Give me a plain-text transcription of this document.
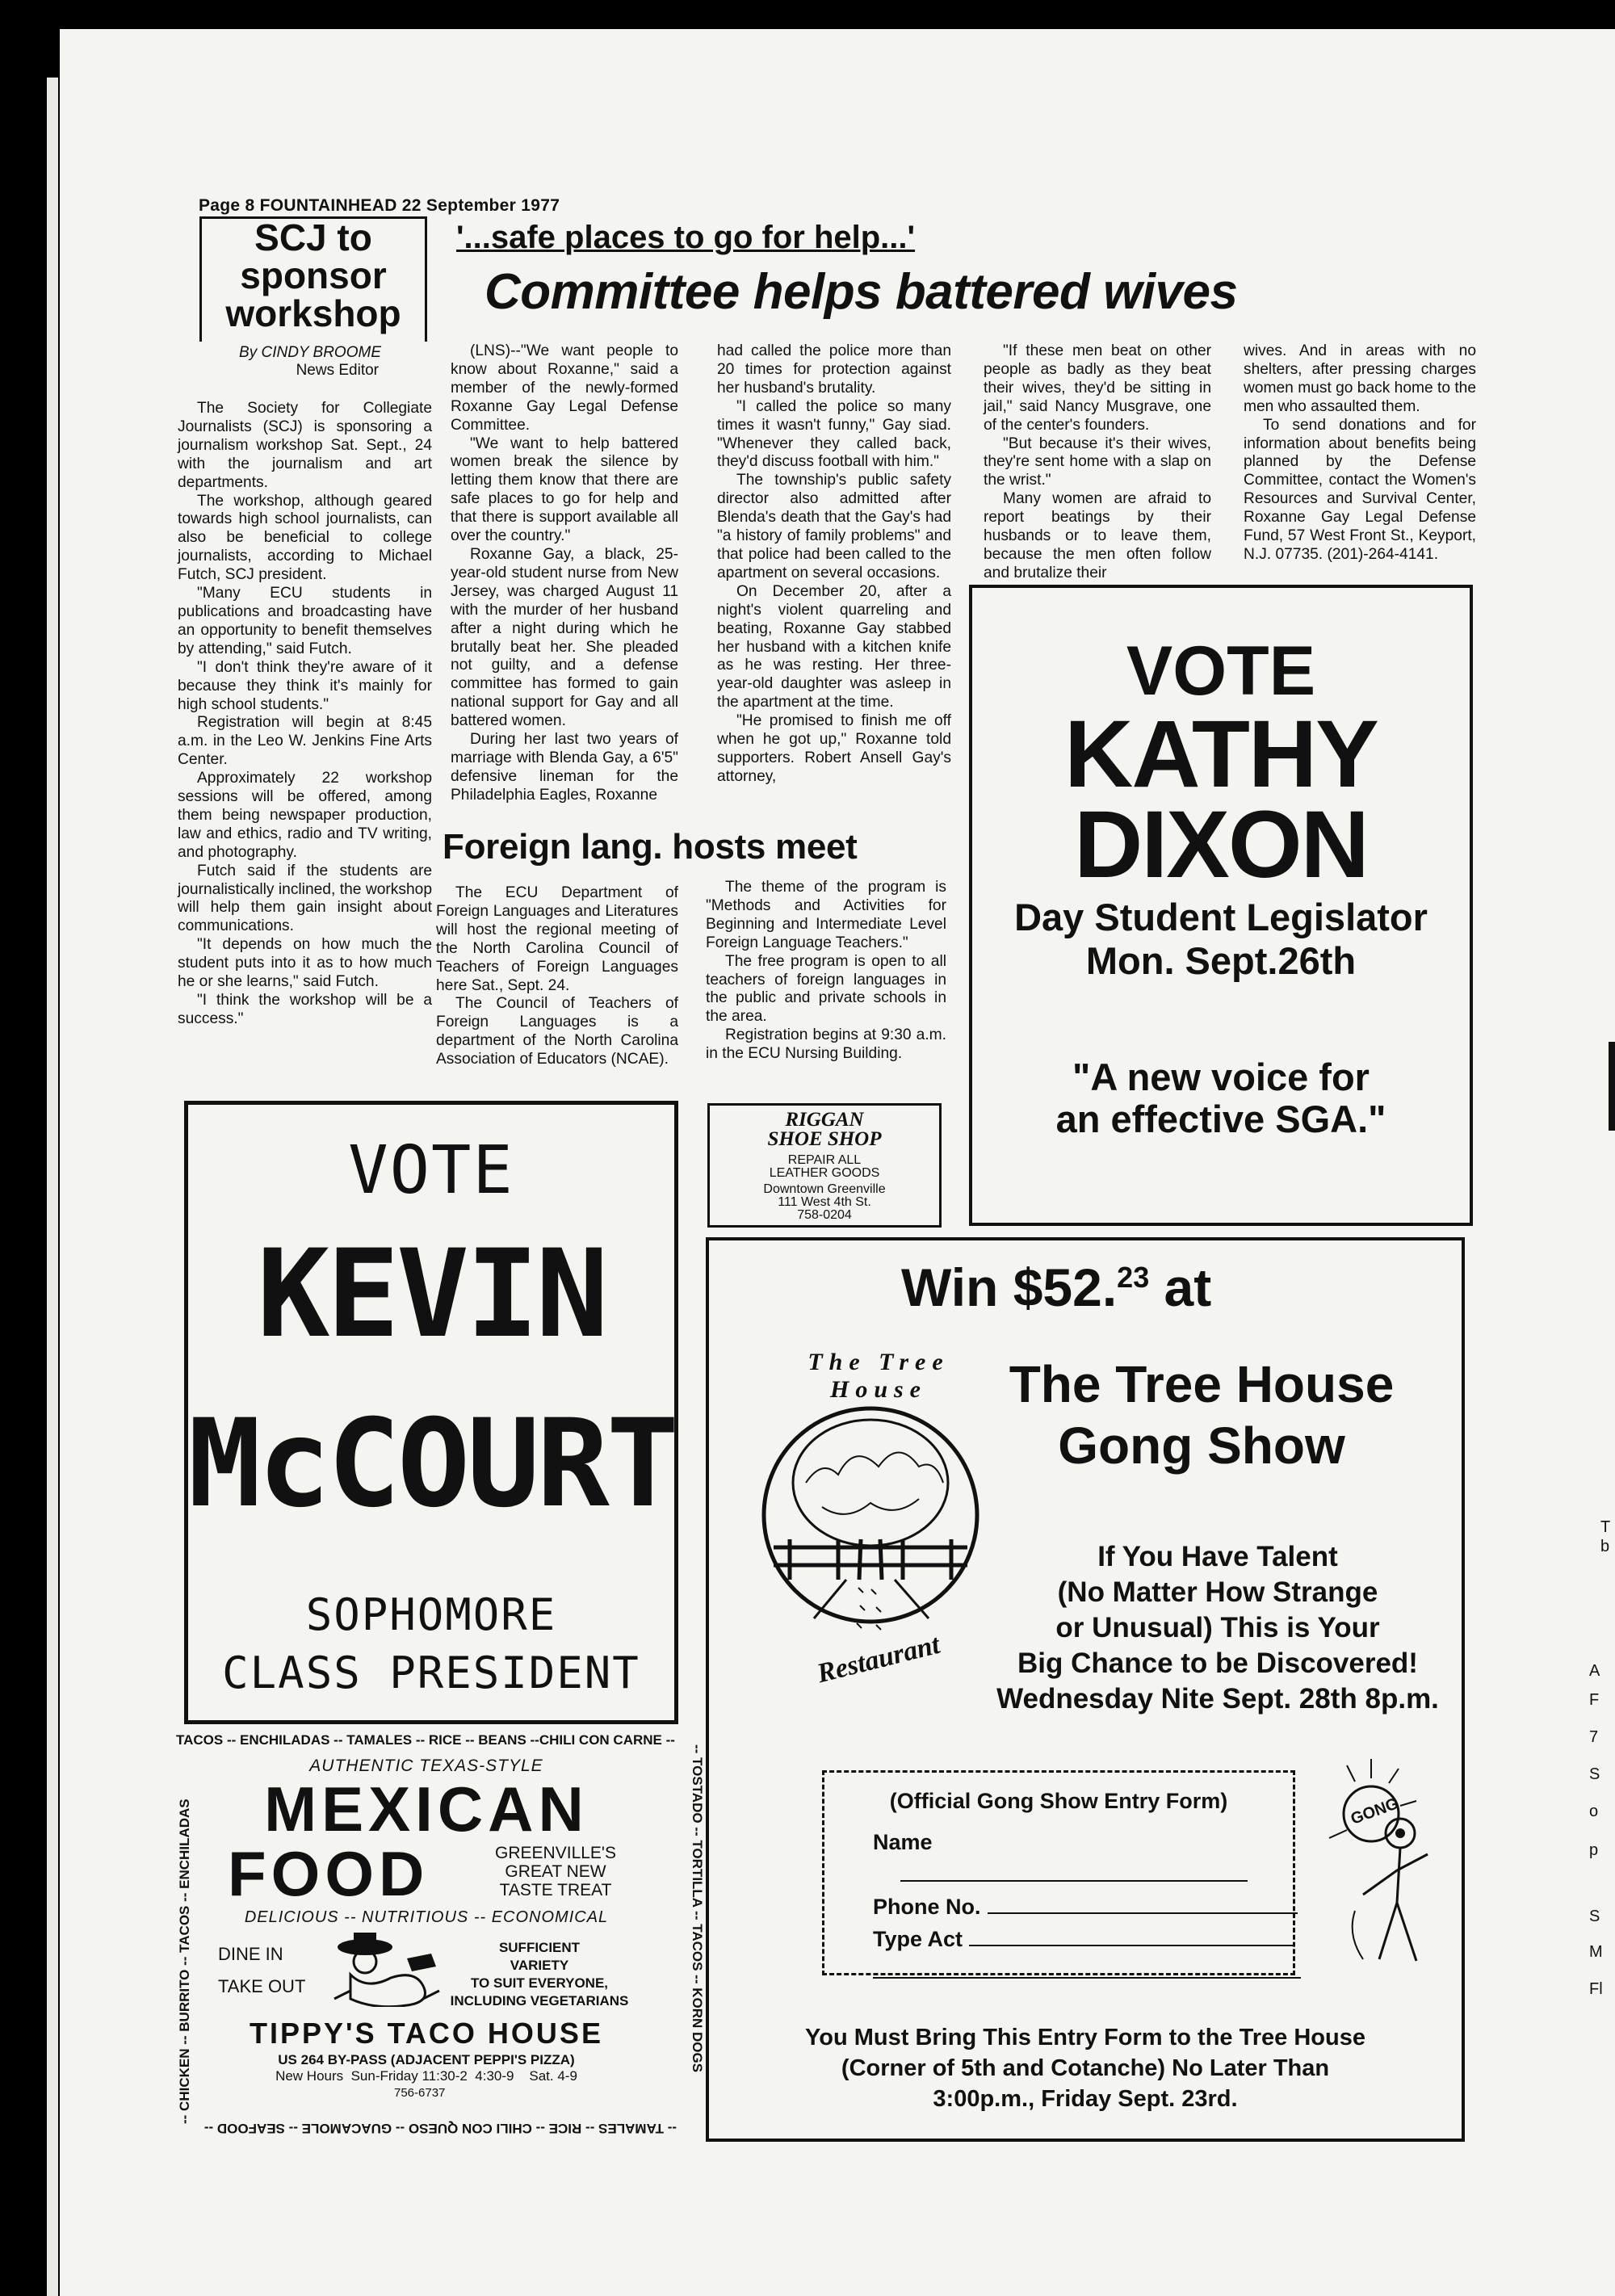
Page 8 FOUNTAINHEAD 22 September 1977
SCJ to
sponsor
workshop
By CINDY BROOME
News Editor

The Society for Collegiate Journalists (SCJ) is sponsoring a journalism workshop Sat. Sept., 24 with the journalism and art departments.

The workshop, although geared towards high school journalists, can also be beneficial to college journalists, according to Michael Futch, SCJ president.

"Many ECU students in publications and broadcasting have an opportunity to benefit themselves by attending," said Futch.

"I don't think they're aware of it because they think it's mainly for high school students."

Registration will begin at 8:45 a.m. in the Leo W. Jenkins Fine Arts Center.

Approximately 22 workshop sessions will be offered, among them being newspaper production, law and ethics, radio and TV writing, and photography.

Futch said if the students are journalistically inclined, the workshop will help them gain insight about communications.

"It depends on how much the student puts into it as to how much he or she learns," said Futch.

"I think the workshop will be a success."

'...safe places to go for help...'
Committee helps battered wives

(LNS)--"We want people to know about Roxanne," said a member of the newly-formed Roxanne Gay Legal Defense Committee.

"We want to help battered women break the silence by letting them know that there are safe places to go for help and that there is support available all over the country."

Roxanne Gay, a black, 25-year-old student nurse from New Jersey, was charged August 11 with the murder of her husband after a night during which he brutally beat her. She pleaded not guilty, and a defense committee has formed to gain national support for Gay and all battered women.

During her last two years of marriage with Blenda Gay, a 6'5" defensive lineman for the Philadelphia Eagles, Roxanne

had called the police more than 20 times for protection against her husband's brutality.

"I called the police so many times it wasn't funny," Gay siad. "Whenever they called back, they'd discuss football with him."

The township's public safety director also admitted after Blenda's death that the Gay's had "a history of family problems" and that police had been called to the apartment on several occasions.

On December 20, after a night's violent quarreling and beating, Roxanne Gay stabbed her husband with a kitchen knife as he was resting. Her three-year-old daughter was asleep in the apartment at the time.

"He promised to finish me off when he got up," Roxanne told supporters. Robert Ansell Gay's attorney,

"If these men beat on other people as badly as they beat their wives, they'd be sitting in jail," said Nancy Musgrave, one of the center's founders.

"But because it's their wives, they're sent home with a slap on the wrist."

Many women are afraid to report beatings by their husbands or to leave them, because the men often follow and brutalize their

wives. And in areas with no shelters, after pressing charges women must go back home to the men who assaulted them.

To send donations and for information about benefits being planned by the Defense Committee, contact the Women's Resources and Survival Center, Roxanne Gay Legal Defense Fund, 57 West Front St., Keyport, N.J. 07735. (201)-264-4141.

Foreign lang. hosts meet

The ECU Department of Foreign Languages and Literatures will host the regional meeting of the North Carolina Council of Teachers of Foreign Languages here Sat., Sept. 24.

The Council of Teachers of Foreign Languages is a department of the North Carolina Association of Educators (NCAE).

The theme of the program is "Methods and Activities for Beginning and Intermediate Level Foreign Language Teachers."

The free program is open to all teachers of foreign languages in the public and private schools in the area.

Registration begins at 9:30 a.m. in the ECU Nursing Building.

VOTE
KATHY
DIXON
Day Student Legislator
Mon. Sept.26th
"A new voice for
an effective SGA."
VOTE
KEVIN
McCOURT
SOPHOMORE
CLASS PRESIDENT
RIGGAN
SHOE SHOP
REPAIR ALL
LEATHER GOODS
Downtown Greenville
111 West 4th St.
758-0204
Win $52.23 at
The Tree House
Gong Show
The Tree House
Restaurant
If You Have Talent
(No Matter How Strange
or Unusual) This is Your
Big Chance to be Discovered!
Wednesday Nite Sept. 28th 8p.m.
(Official Gong Show Entry Form)
Name
Phone No.
Type Act
GONG
You Must Bring This Entry Form to the Tree House
(Corner of 5th and Cotanche) No Later Than
3:00p.m., Friday Sept. 23rd.
TACOS -- ENCHILADAS -- TAMALES -- RICE -- BEANS --CHILI CON CARNE --
-- CHICKEN -- BURRITO -- TACOS -- ENCHILADAS	-- TOSTADO -- TORTILLA -- TACOS -- KORN DOGS
-- TAMALES -- RICE -- CHILI CON QUESO -- GUACAMOLE -- SEAFOOD --
AUTHENTIC TEXAS-STYLE
MEXICAN
FOOD	GREENVILLE'S
GREAT NEW
TASTE TREAT
DELICIOUS -- NUTRITIOUS -- ECONOMICAL
DINE IN
TAKE OUT
SUFFICIENT
VARIETY
TO SUIT EVERYONE,
INCLUDING VEGETARIANS
TIPPY'S TACO HOUSE
US 264 BY-PASS (ADJACENT PEPPI'S PIZZA)
New Hours  Sun-Friday 11:30-2  4:30-9    Sat. 4-9
756-6737
A
F
7
S
o
p
S
M
Fl
T
b
